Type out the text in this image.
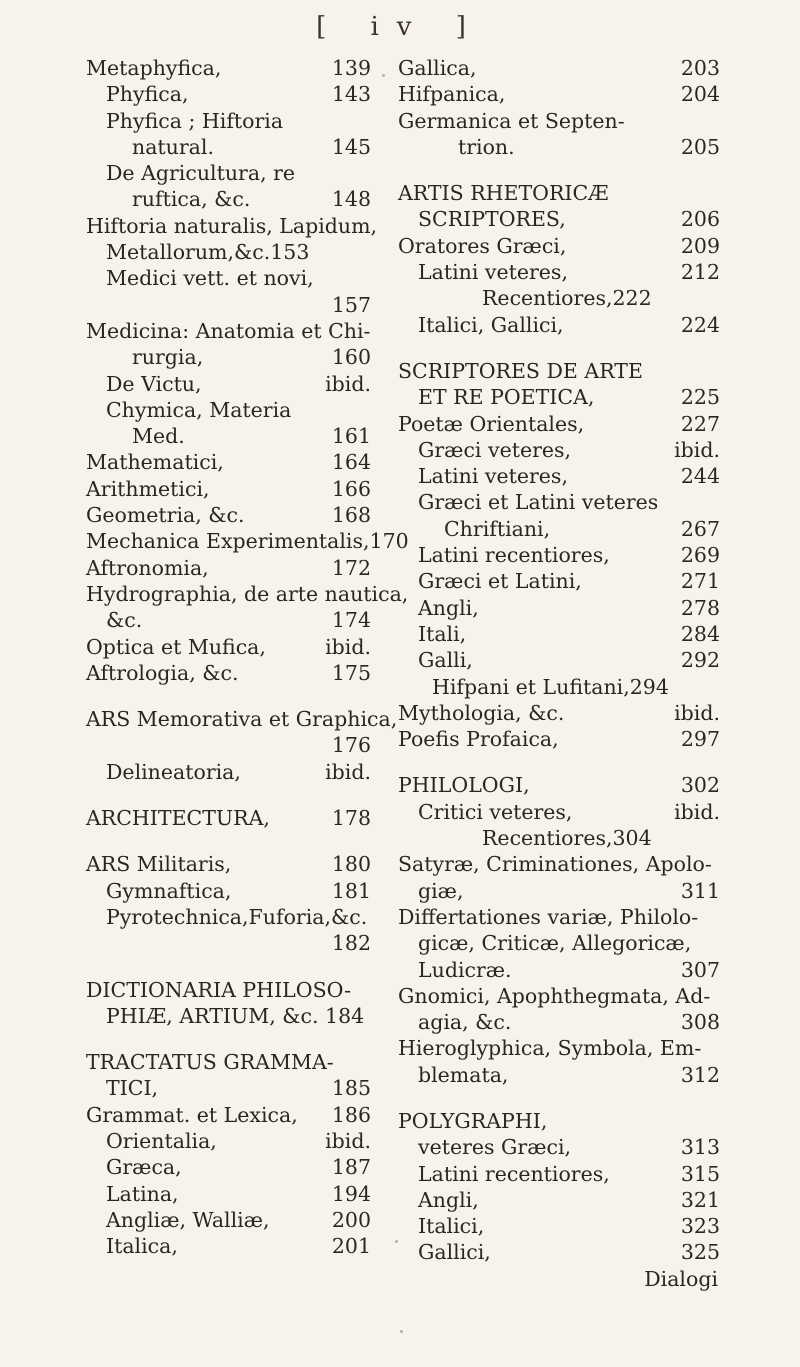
[ iv ]
Metaphyfica,	139
Phyfica,	143
Phyfica ; Hiftoria
natural.	145
De Agricultura, re
ruftica, &c.	148
Hiftoria naturalis, Lapidum,
Metallorum,&c.153
Medici vett. et novi,
157
Medicina: Anatomia et Chi-
rurgia,	160
De Victu,	ibid.
Chymica, Materia
Med.	161
Mathematici,	164
Arithmetici,	166
Geometria, &c.	168
Mechanica Experimentalis,170
Aftronomia,	172
Hydrographia, de arte nautica,
&c.	174
Optica et Mufica,	ibid.
Aftrologia, &c.	175
ARS Memorativa et Graphica,
176
Delineatoria,	ibid.
ARCHITECTURA,	178
ARS Militaris,	180
Gymnaftica,	181
Pyrotechnica,Fuforia,&c.
182
DICTIONARIA PHILOSO-
PHIÆ, ARTIUM, &c. 184
TRACTATUS GRAMMA-
TICI,	185
Grammat. et Lexica, 186
Orientalia,	ibid.
Græca,	187
Latina,	194
Angliæ, Walliæ,	200
Italica,	201
Gallica,	203
Hifpanica,	204
Germanica et Septen-
trion.	205
ARTIS RHETORICÆ
SCRIPTORES,	206
Oratores Græci,	209
Latini veteres,	212
Recentiores,222
Italici, Gallici,	224
SCRIPTORES DE ARTE
ET RE POETICA,	225
Poetæ Orientales,	227
Græci veteres,	ibid.
Latini veteres,	244
Græci et Latini veteres
Chriftiani,	267
Latini recentiores,	269
Græci et Latini,	271
Angli,	278
Itali,	284
Galli,	292
Hifpani et Lufitani,294
Mythologia, &c.	ibid.
Poefis Profaica,	297
PHILOLOGI,	302
Critici veteres,	ibid.
Recentiores,304
Satyræ, Criminationes, Apolo-
giæ,	311
Differtationes variæ, Philolo-
gicæ, Criticæ, Allegoricæ,
Ludicræ.	307
Gnomici, Apophthegmata, Ad-
agia, &c.	308
Hieroglyphica, Symbola, Em-
blemata,	312
POLYGRAPHI,
veteres Græci,	313
Latini recentiores,	315
Angli,	321
Italici,	323
Gallici,	325
Dialogi
